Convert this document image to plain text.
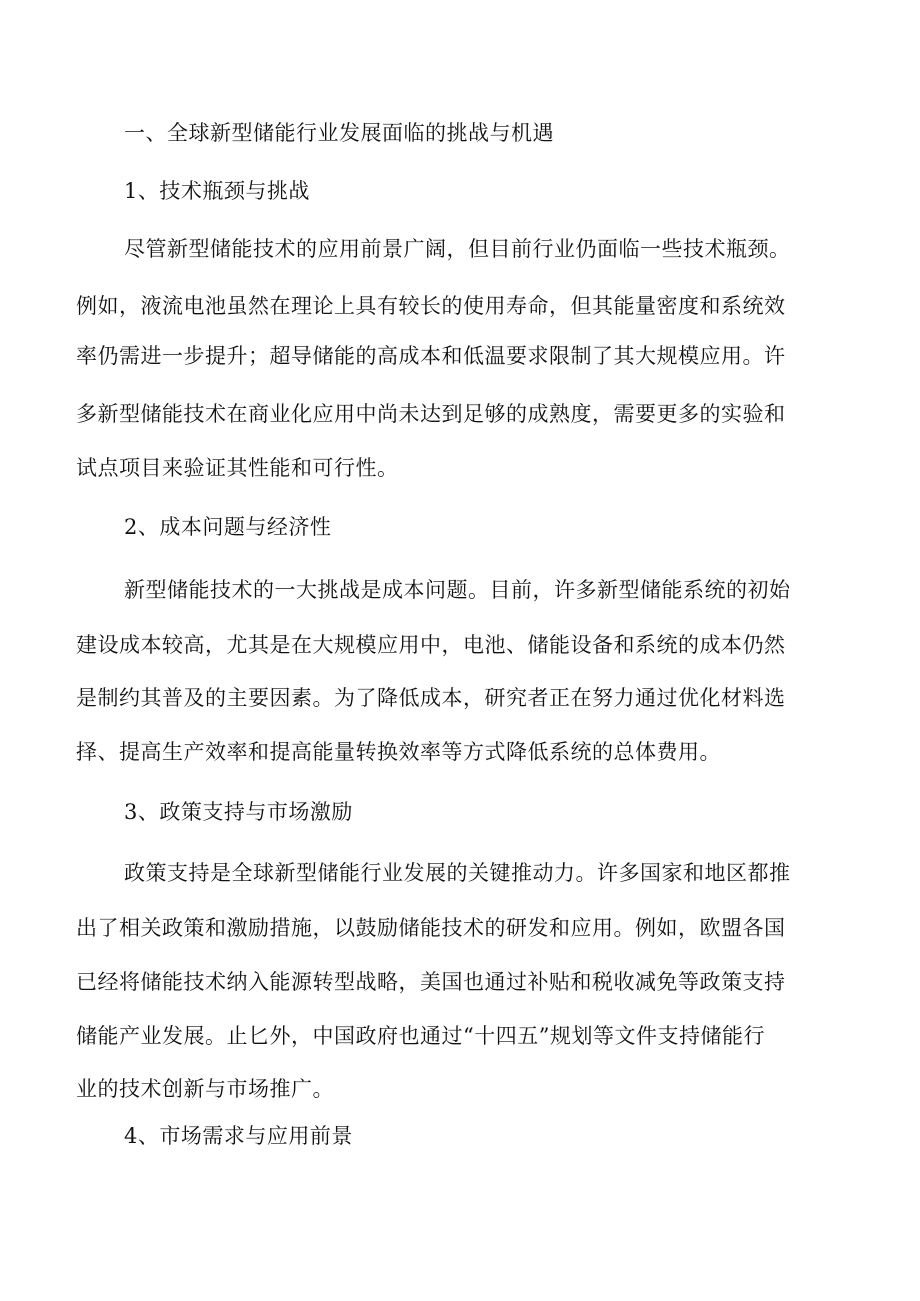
一、全球新型储能行业发展面临的挑战与机遇
1、技术瓶颈与挑战
尽管新型储能技术的应用前景广阔，但目前行业仍面临一些技术瓶颈。
例如，液流电池虽然在理论上具有较长的使用寿命，但其能量密度和系统效
率仍需进一步提升；超导储能的高成本和低温要求限制了其大规模应用。许
多新型储能技术在商业化应用中尚未达到足够的成熟度，需要更多的实验和
试点项目来验证其性能和可行性。
2、成本问题与经济性
新型储能技术的一大挑战是成本问题。目前，许多新型储能系统的初始
建设成本较高，尤其是在大规模应用中，电池、储能设备和系统的成本仍然
是制约其普及的主要因素。为了降低成本，研究者正在努力通过优化材料选
择、提高生产效率和提高能量转换效率等方式降低系统的总体费用。
3、政策支持与市场激励
政策支持是全球新型储能行业发展的关键推动力。许多国家和地区都推
出了相关政策和激励措施，以鼓励储能技术的研发和应用。例如，欧盟各国
已经将储能技术纳入能源转型战略，美国也通过补贴和税收减免等政策支持
储能产业发展。止匕外，中国政府也通过“十四五”规划等文件支持储能行
业的技术创新与市场推广。
4、市场需求与应用前景
